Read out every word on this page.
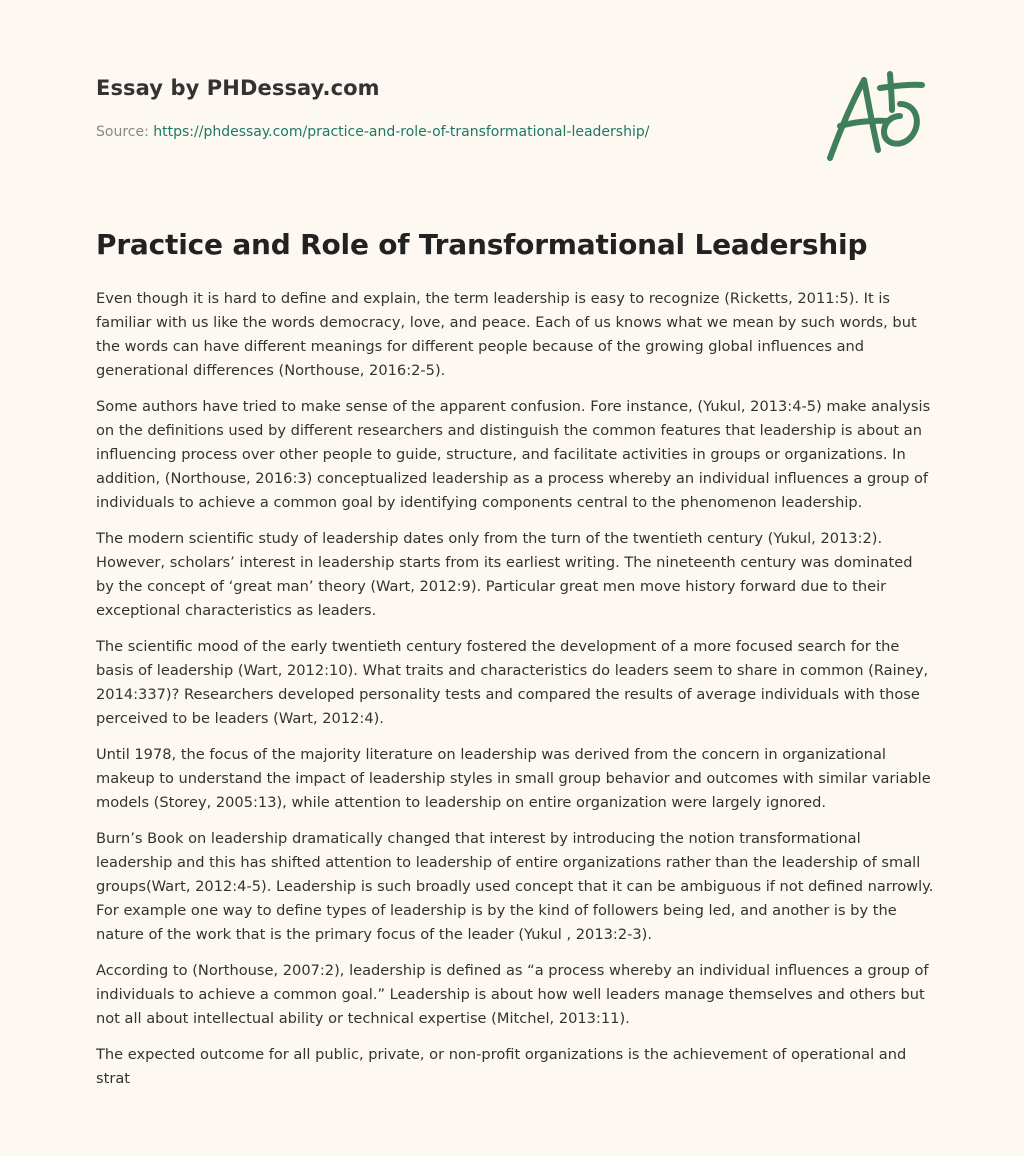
Essay by PHDessay.com
Source: https://phdessay.com/practice-and-role-of-transformational-leadership/
Practice and Role of Transformational Leadership

Even though it is hard to define and explain, the term leadership is easy to recognize (Ricketts, 2011:5). It is familiar with us like the words democracy, love, and peace. Each of us knows what we mean by such words, but the words can have different meanings for different people because of the growing global influences and generational differences (Northouse, 2016:2-5).

Some authors have tried to make sense of the apparent confusion. Fore instance, (Yukul, 2013:4-5) make analysis on the definitions used by different researchers and distinguish the common features that leadership is about an influencing process over other people to guide, structure, and facilitate activities in groups or organizations. In addition, (Northouse, 2016:3) conceptualized leadership as a process whereby an individual influences a group of individuals to achieve a common goal by identifying components central to the phenomenon leadership.

The modern scientific study of leadership dates only from the turn of the twentieth century (Yukul, 2013:2). However, scholars’ interest in leadership starts from its earliest writing. The nineteenth century was dominated by the concept of ‘great man’ theory (Wart, 2012:9). Particular great men move history forward due to their exceptional characteristics as leaders.

The scientific mood of the early twentieth century fostered the development of a more focused search for the basis of leadership (Wart, 2012:10). What traits and characteristics do leaders seem to share in common (Rainey, 2014:337)? Researchers developed personality tests and compared the results of average individuals with those perceived to be leaders (Wart, 2012:4).

Until 1978, the focus of the majority literature on leadership was derived from the concern in organizational makeup to understand the impact of leadership styles in small group behavior and outcomes with similar variable models (Storey, 2005:13), while attention to leadership on entire organization were largely ignored.

Burn’s Book on leadership dramatically changed that interest by introducing the notion transformational leadership and this has shifted attention to leadership of entire organizations rather than the leadership of small groups(Wart, 2012:4-5). Leadership is such broadly used concept that it can be ambiguous if not defined narrowly. For example one way to define types of leadership is by the kind of followers being led, and another is by the nature of the work that is the primary focus of the leader (Yukul , 2013:2-3).

According to (Northouse, 2007:2), leadership is defined as “a process whereby an individual influences a group of individuals to achieve a common goal.” Leadership is about how well leaders manage themselves and others but not all about intellectual ability or technical expertise (Mitchel, 2013:11).

The expected outcome for all public, private, or non-profit organizations is the achievement of operational and strat
